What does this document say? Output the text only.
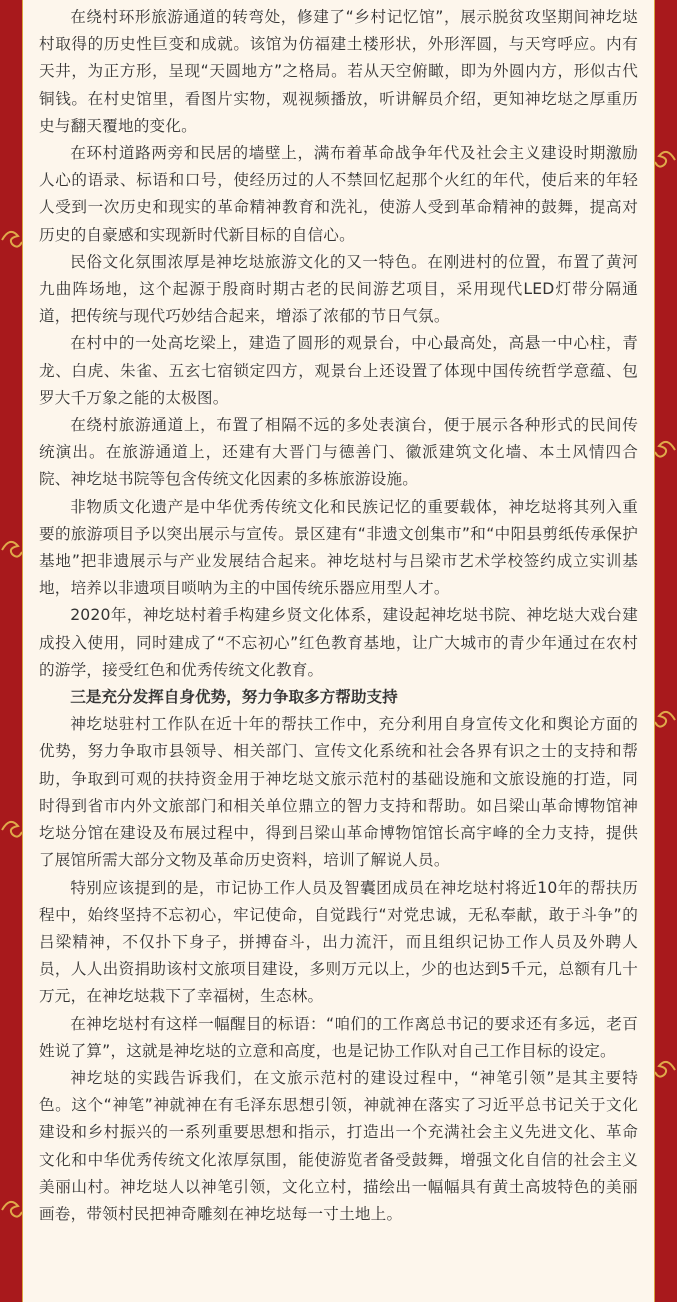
在绕村环形旅游通道的转弯处，修建了“乡村记忆馆”，展示脱贫攻坚期间神圪垯村取得的历史性巨变和成就。该馆为仿福建土楼形状，外形浑圆，与天穹呼应。内有天井，为正方形，呈现“天圆地方”之格局。若从天空俯瞰，即为外圆内方，形似古代铜钱。在村史馆里，看图片实物，观视频播放，听讲解员介绍，更知神圪垯之厚重历史与翻天覆地的变化。

在环村道路两旁和民居的墙壁上，满布着革命战争年代及社会主义建设时期激励人心的语录、标语和口号，使经历过的人不禁回忆起那个火红的年代，使后来的年轻人受到一次历史和现实的革命精神教育和洗礼，使游人受到革命精神的鼓舞，提高对历史的自豪感和实现新时代新目标的自信心。

民俗文化氛围浓厚是神圪垯旅游文化的又一特色。在刚进村的位置，布置了黄河九曲阵场地，这个起源于殷商时期古老的民间游艺项目，采用现代LED灯带分隔通道，把传统与现代巧妙结合起来，增添了浓郁的节日气氛。

在村中的一处高圪梁上，建造了圆形的观景台，中心最高处，高悬一中心柱，青龙、白虎、朱雀、五玄七宿锁定四方，观景台上还设置了体现中国传统哲学意蕴、包罗大千万象之能的太极图。

在绕村旅游通道上，布置了相隔不远的多处表演台，便于展示各种形式的民间传统演出。在旅游通道上，还建有大晋门与德善门、徽派建筑文化墙、本土风情四合院、神圪垯书院等包含传统文化因素的多栋旅游设施。

非物质文化遗产是中华优秀传统文化和民族记忆的重要载体，神圪垯将其列入重要的旅游项目予以突出展示与宣传。景区建有“非遗文创集市”和“中阳县剪纸传承保护基地”把非遗展示与产业发展结合起来。神圪垯村与吕梁市艺术学校签约成立实训基地，培养以非遗项目唢呐为主的中国传统乐器应用型人才。

2020年，神圪垯村着手构建乡贤文化体系，建设起神圪垯书院、神圪垯大戏台建成投入使用，同时建成了“不忘初心”红色教育基地，让广大城市的青少年通过在农村的游学，接受红色和优秀传统文化教育。

三是充分发挥自身优势，努力争取多方帮助支持

神圪垯驻村工作队在近十年的帮扶工作中，充分利用自身宣传文化和舆论方面的优势，努力争取市县领导、相关部门、宣传文化系统和社会各界有识之士的支持和帮助，争取到可观的扶持资金用于神圪垯文旅示范村的基础设施和文旅设施的打造，同时得到省市内外文旅部门和相关单位鼎立的智力支持和帮助。如吕梁山革命博物馆神圪垯分馆在建设及布展过程中，得到吕梁山革命博物馆馆长高宇峰的全力支持，提供了展馆所需大部分文物及革命历史资料，培训了解说人员。

特别应该提到的是，市记协工作人员及智囊团成员在神圪垯村将近10年的帮扶历程中，始终坚持不忘初心，牢记使命，自觉践行“对党忠诚，无私奉献，敢于斗争”的吕梁精神，不仅扑下身子，拼搏奋斗，出力流汗，而且组织记协工作人员及外聘人员，人人出资捐助该村文旅项目建设，多则万元以上，少的也达到5千元，总额有几十万元，在神圪垯栽下了幸福树，生态林。

在神圪垯村有这样一幅醒目的标语：“咱们的工作离总书记的要求还有多远，老百姓说了算”，这就是神圪垯的立意和高度，也是记协工作队对自己工作目标的设定。

神圪垯的实践告诉我们，在文旅示范村的建设过程中，“神笔引领”是其主要特色。这个“神笔”神就神在有毛泽东思想引领，神就神在落实了习近平总书记关于文化建设和乡村振兴的一系列重要思想和指示，打造出一个充满社会主义先进文化、革命文化和中华优秀传统文化浓厚氛围，能使游览者备受鼓舞，增强文化自信的社会主义美丽山村。神圪垯人以神笔引领，文化立村，描绘出一幅幅具有黄土高坡特色的美丽画卷，带领村民把神奇雕刻在神圪垯每一寸土地上。
